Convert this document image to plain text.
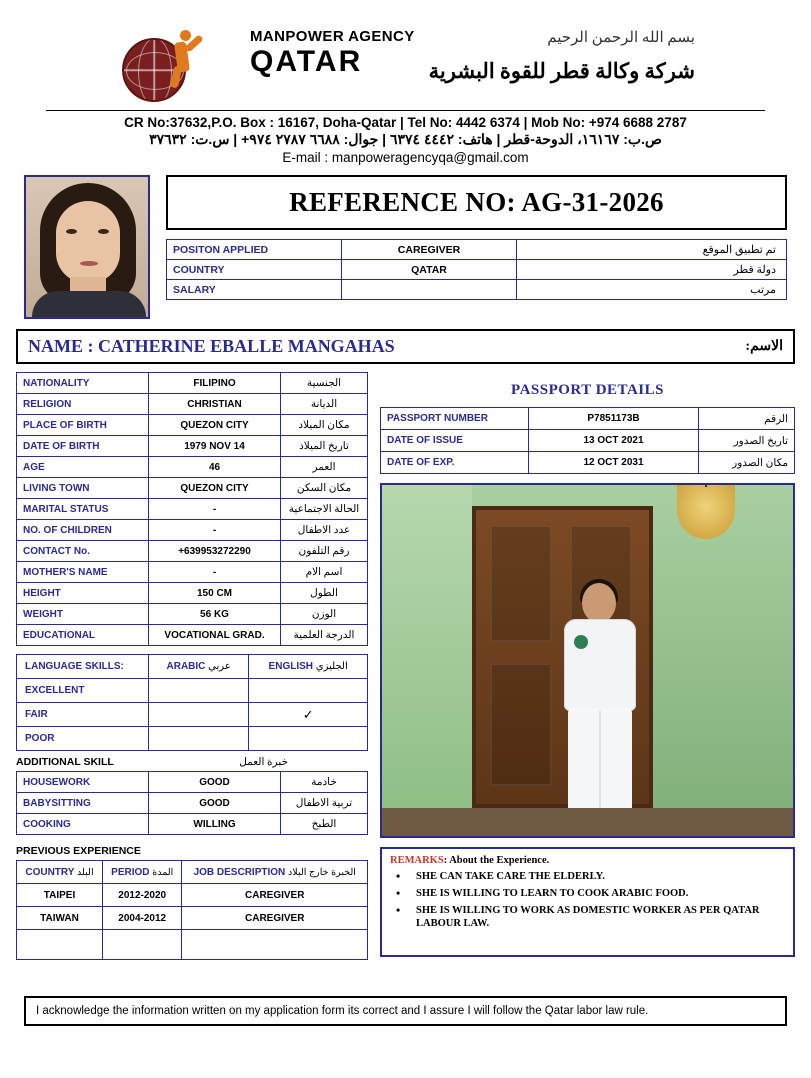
MANPOWER AGENCY
QATAR
بسم الله الرحمن الرحيم
شركة وكالة قطر للقوة البشرية
CR No:37632,P.O. Box : 16167, Doha-Qatar | Tel No: 4442 6374 | Mob No: +974 6688 2787
ص.ب: ١٦١٦٧، الدوحة-قطر | هاتف: ٤٤٤٢ ٦٣٧٤ | جوال: ٦٦٨٨ ٢٧٨٧ ٩٧٤+ | س.ت: ٣٧٦٣٢
E-mail : manpoweragencyqa@gmail.com
REFERENCE NO: AG-31-2026
POSITON APPLIED	CAREGIVER	تم تطبيق الموقع
COUNTRY	QATAR	دولة قطر
SALARY		مرتب
NAME : CATHERINE EBALLE MANGAHAS	:الاسم
NATIONALITY	FILIPINO	الجنسية
RELIGION	CHRISTIAN	الديانة
PLACE OF BIRTH	QUEZON CITY	مكان الميلاد
DATE OF BIRTH	1979 NOV 14	تاريخ الميلاد
AGE	46	العمر
LIVING TOWN	QUEZON CITY	مكان السكن
MARITAL STATUS	-	الحالة الاجتماعية
NO. OF CHILDREN	-	عدد الاطفال
CONTACT No.	+639953272290	رقم التلفون
MOTHER'S NAME	-	اسم الام
HEIGHT	150 CM	الطول
WEIGHT	56 KG	الوزن
EDUCATIONAL	VOCATIONAL GRAD.	الدرجة العلمية
LANGUAGE SKILLS:	ARABIC عربي	ENGLISH الجليزي
EXCELLENT		
FAIR		✓
POOR		
ADDITIONAL SKILL	خبرة العمل
HOUSEWORK	GOOD	خادمة
BABYSITTING	GOOD	تربية الاطفال
COOKING	WILLING	الطبخ
PREVIOUS EXPERIENCE
COUNTRY البلد	PERIOD المدة	JOB DESCRIPTION الخبرة خارج البلاد
TAIPEI	2012-2020	CAREGIVER
TAIWAN	2004-2012	CAREGIVER

PASSPORT DETAILS
PASSPORT NUMBER	P7851173B	الرقم
DATE OF ISSUE	13 OCT 2021	تاريخ الصدور
DATE OF EXP.	12 OCT 2031	مكان الصدور
REMARKS: About the Experience.
• SHE CAN TAKE CARE THE ELDERLY.
• SHE IS WILLING TO LEARN TO COOK ARABIC FOOD.
• SHE IS WILLING TO WORK AS DOMESTIC WORKER AS PER QATAR LABOUR LAW.
I acknowledge the information written on my application form its correct and I assure I will follow the Qatar labor law rule.
